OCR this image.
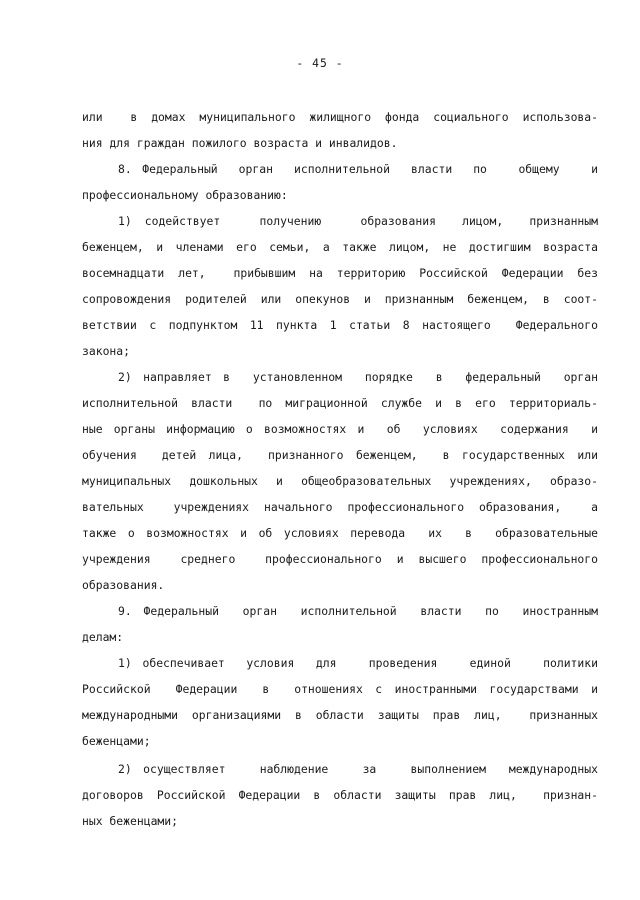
- 45 -
или  в домах муниципального жилищного фонда социального использова-
ния для граждан пожилого возраста и инвалидов.
8. Федеральный  орган  исполнительной  власти  по   общему   и
профессиональному образованию:
1) содействует   получению   образования  лицом,  признанным
беженцем, и членами его семьи, а также лицом, не достигшим возраста
восемнадцати лет,  прибывшим на территорию Российской Федерации без
сопровождения родителей или опекунов и признанным беженцем, в соот-
ветствии с подпунктом 11 пункта 1 статьи 8 настоящего  Федерального
закона;
2) направляет в  установленном  порядке  в  федеральный  орган
исполнительной власти  по миграционной службе и в его территориаль-
ные органы информацию о возможностях и  об  условиях  содержания  и
обучения  детей лица,  признанного беженцем,  в государственных или
муниципальных дошкольных и общеобразовательных учреждениях, образо-
вательных  учреждениях начального профессионального образования,  а
также о возможностях и об условиях перевода  их  в  образовательные
учреждения  среднего  профессионального и высшего профессионального
образования.
9. Федеральный  орган  исполнительной  власти  по  иностранным
делам:
1) обеспечивает  условия  для   проведения   единой   политики
Российской  Федерации  в  отношениях с иностранными государствами и
международными организациями в области защиты прав лиц,  признанных
беженцами;
2) осуществляет   наблюдение   за   выполнением  международных
договоров Российской Федерации в области защиты прав лиц,  признан-
ных беженцами;
